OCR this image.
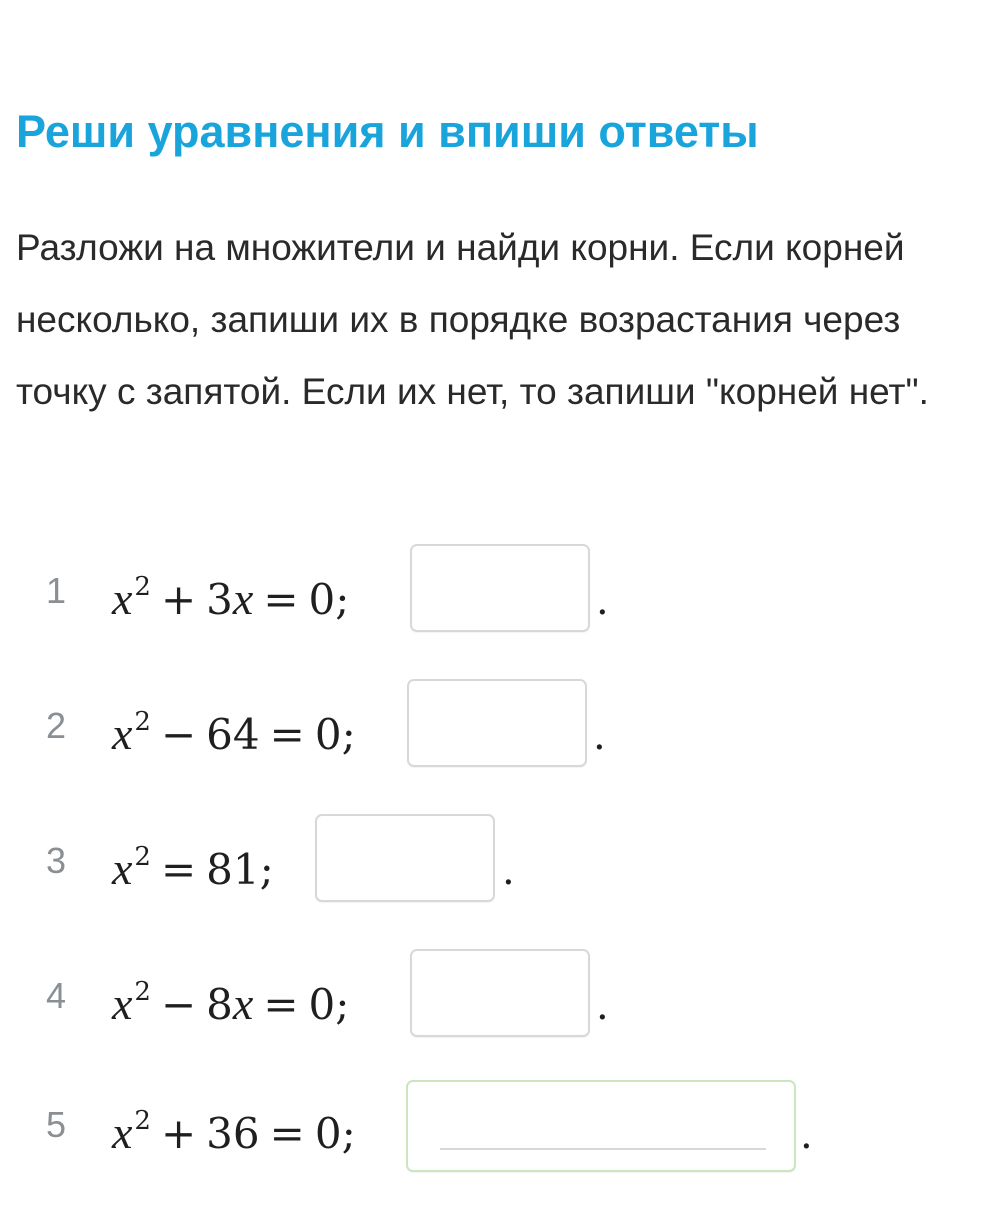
Реши уравнения и впиши ответы

Разложи на множители и найди корни. Если корней несколько, запиши их в порядке возрастания через точку с запятой. Если их нет, то запиши "корней нет".

1 $x^2 + 3x = 0$;	.
2 $x^2 - 64 = 0$;	.
3 $x^2 = 81$;	.
4 $x^2 - 8x = 0$;	.
5 $x^2 + 36 = 0$;	.
